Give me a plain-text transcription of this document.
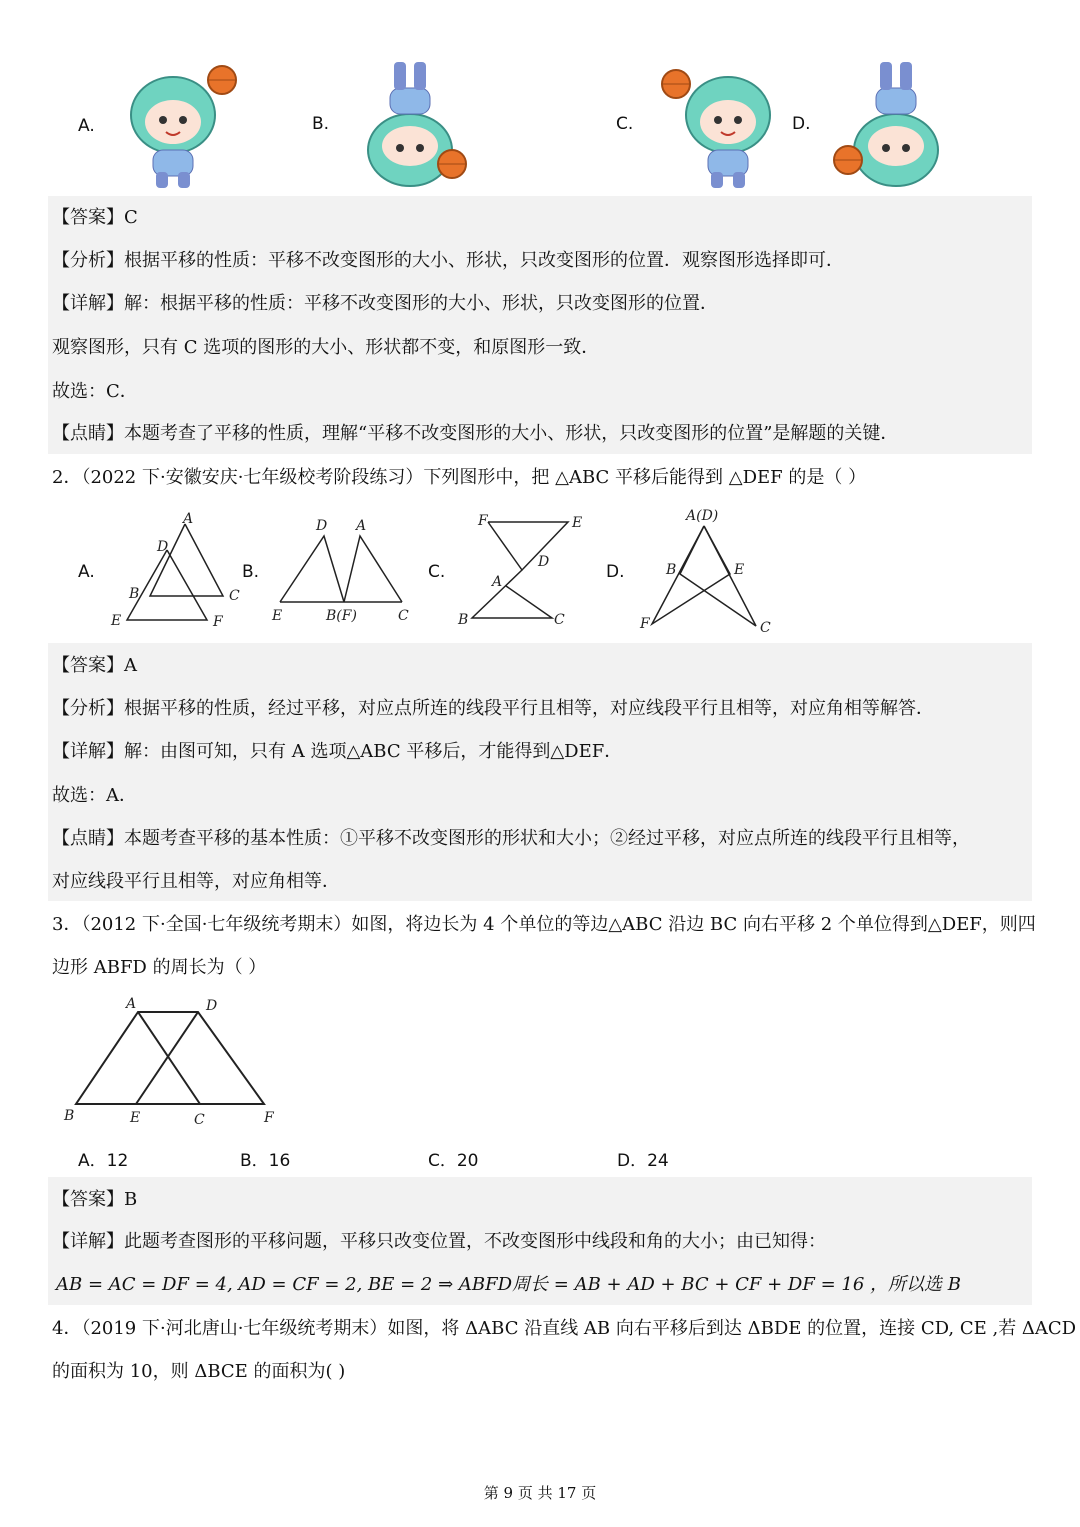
A.	B.	C.	D.
【答案】C
【分析】根据平移的性质：平移不改变图形的大小、形状，只改变图形的位置．观察图形选择即可．
【详解】解：根据平移的性质：平移不改变图形的大小、形状，只改变图形的位置．
观察图形，只有 C 选项的图形的大小、形状都不变，和原图形一致．
故选：C．
【点睛】本题考查了平移的性质，理解“平移不改变图形的大小、形状，只改变图形的位置”是解题的关键．
2．（2022 下·安徽安庆·七年级校考阶段练习）下列图形中，把 △ABC 平移后能得到 △DEF 的是（ ）
A.	B.	C.	D.
A
D
B	C
E	F
D A
E	B(F)	C
F	E
D
A
B	C
A(D)
B	E
F	C
【答案】A
【分析】根据平移的性质，经过平移，对应点所连的线段平行且相等，对应线段平行且相等，对应角相等解答．
【详解】解：由图可知，只有 A 选项△ABC 平移后，才能得到△DEF．
故选：A．
【点睛】本题考查平移的基本性质：①平移不改变图形的形状和大小；②经过平移，对应点所连的线段平行且相等，
对应线段平行且相等，对应角相等．
3．（2012 下·全国·七年级统考期末）如图，将边长为 4 个单位的等边△ABC 沿边 BC 向右平移 2 个单位得到△DEF，则四
边形 ABFD 的周长为（ ）
A	D
B	E	C	F
A．12	B．16	C．20	D．24
【答案】B
【详解】此题考查图形的平移问题，平移只改变位置，不改变图形中线段和角的大小；由已知得：
AB = AC = DF = 4, AD = CF = 2, BE = 2 ⇒ ABFD周长 = AB + AD + BC + CF + DF = 16 ，所以选 B
4．（2019 下·河北唐山·七年级统考期末）如图，将 ΔABC 沿直线 AB 向右平移后到达 ΔBDE 的位置，连接 CD, CE ,若 ΔACD
的面积为 10，则 ΔBCE 的面积为( )
第 9 页 共 17 页
